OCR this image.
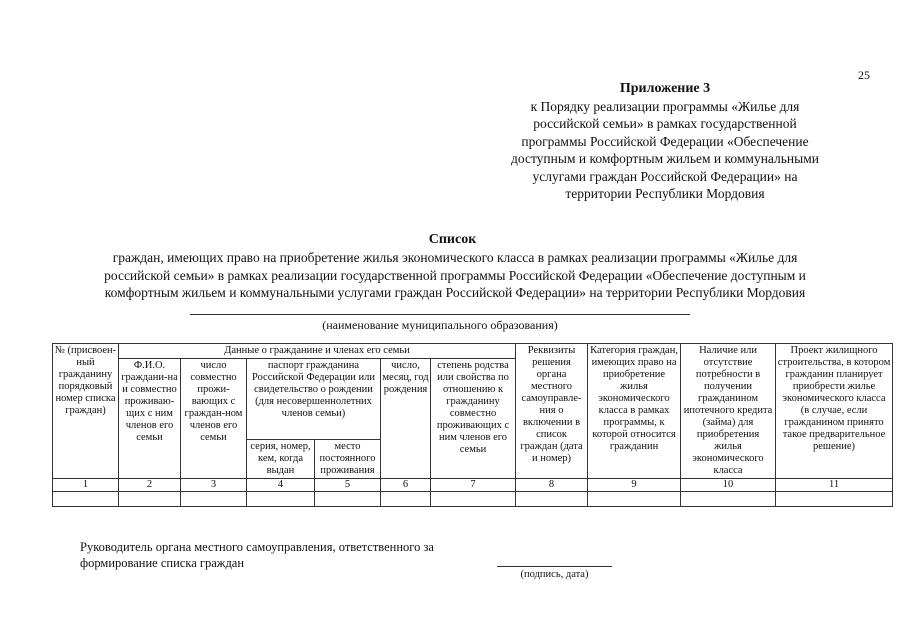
25
Приложение 3
к Порядку реализации программы «Жилье для
российской семьи» в рамках государственной
программы Российской Федерации «Обеспечение
доступным и комфортным жильем и коммунальными
услугами граждан Российской Федерации» на
территории Республики Мордовия
Список
граждан, имеющих право на приобретение жилья экономического класса в рамках реализации программы «Жилье для
российской семьи» в рамках реализации государственной программы Российской Федерации «Обеспечение доступным и
комфортным жильем и коммунальными услугами граждан Российской Федерации» на территории Республики Мордовия
(наименование муниципального образования)
№ (присвоен-ный гражданину порядковый номер списка граждан)	Данные о гражданине и членах его семьи						Реквизиты решения органа местного самоуправле-ния о включении в список граждан (дата и номер)	Категория граждан, имеющих право на приобретение жилья экономического класса в рамках программы, к которой относится гражданин	Наличие или отсутствие потребности в получении гражданином ипотечного кредита (займа) для приобретения жилья экономического класса	Проект жилищного строительства, в котором гражданин планирует приобрести жилье экономического класса (в случае, если гражданином принято такое предварительное решение)
	Ф.И.О. граждани-на и совместно проживаю-щих с ним членов его семьи	число совместно прожи-вающих с граждан-ном членов его семьи	паспорт гражданина Российской Федерации или свидетельство о рождении (для несовершеннолетних членов семьи)		число, месяц, год рождения	степень родства или свойства по отношению к гражданину совместно проживающих с ним членов его семьи				
			серия, номер, кем, когда выдан	место постоянного проживания						
1	2	3	4	5	6	7	8	9	10	11

Руководитель органа местного самоуправления, ответственного за формирование списка граждан
(подпись, дата)
